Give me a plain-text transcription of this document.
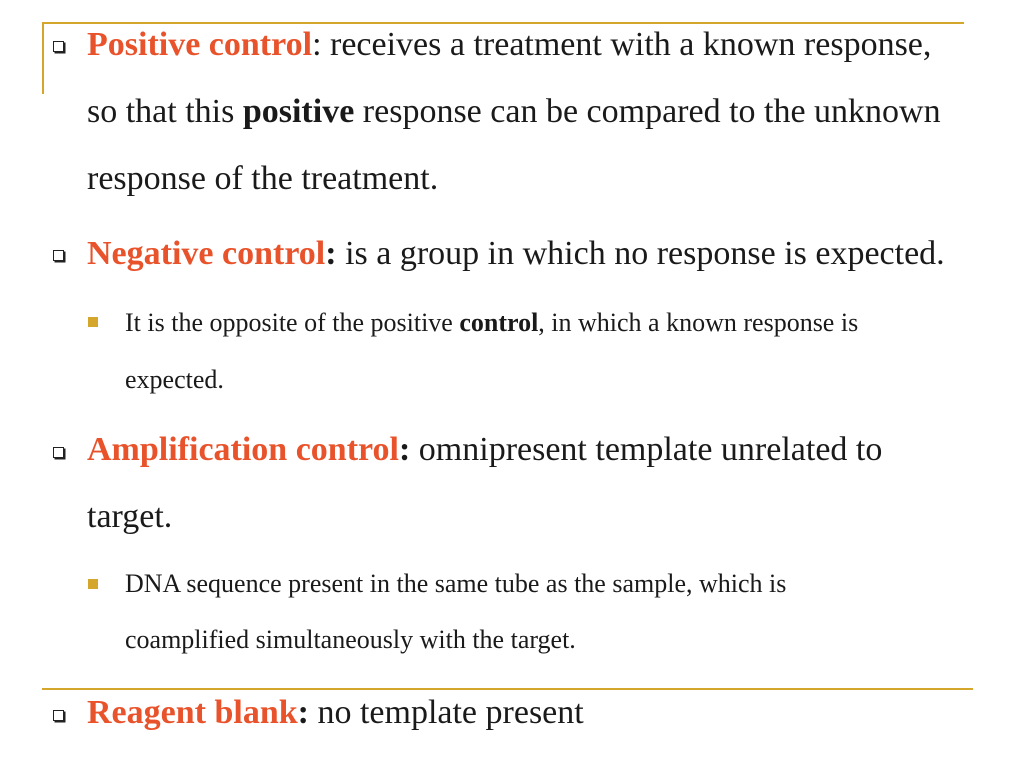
Positive control: receives a treatment with a known response,
so that this positive response can be compared to the unknown
response of the treatment.
Negative control: is a group in which no response is expected.
It is the opposite of the positive control, in which a known response is
expected.
Amplification control: omnipresent template unrelated to
target.
DNA sequence present in the same tube as the sample, which is
coamplified simultaneously with the target.
Reagent blank: no template present
